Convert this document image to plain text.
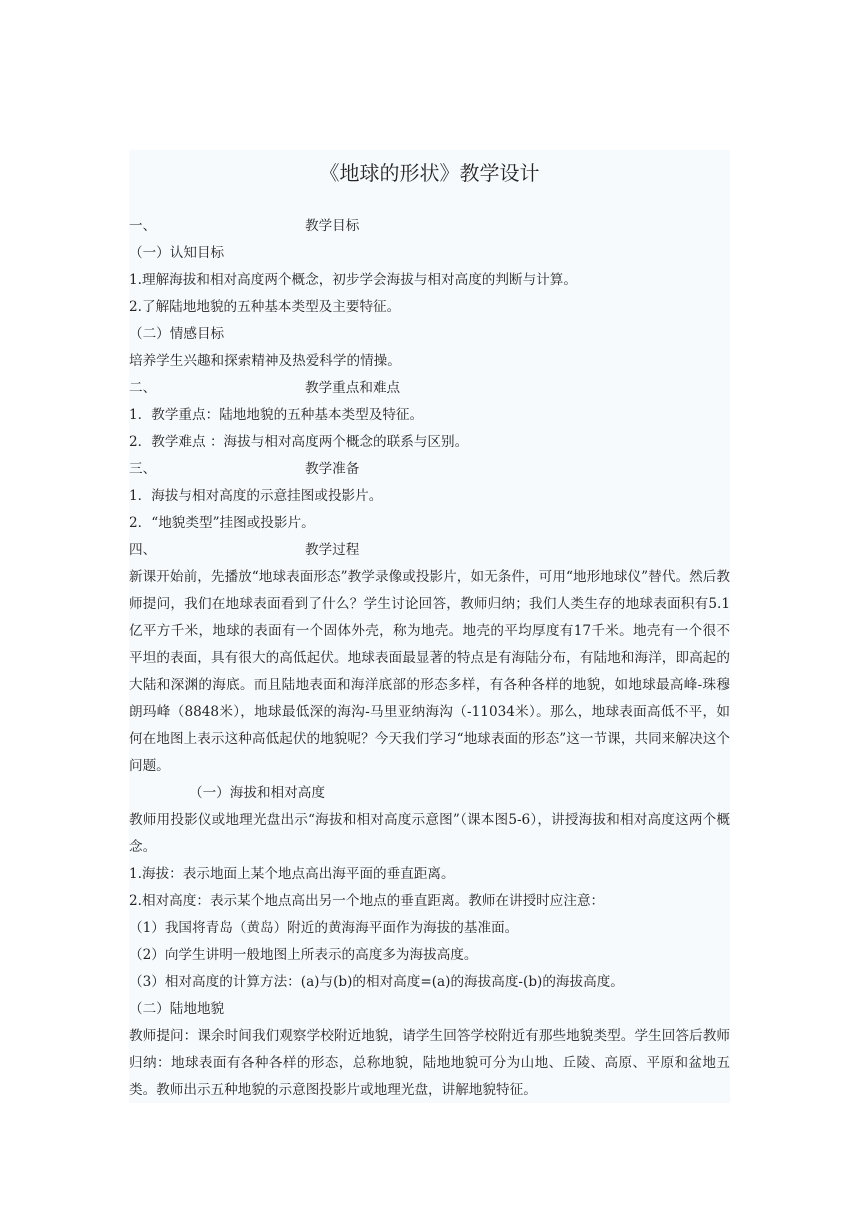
《地球的形状》教学设计
一、	教学目标
（一）认知目标
1.理解海拔和相对高度两个概念，初步学会海拔与相对高度的判断与计算。
2.了解陆地地貌的五种基本类型及主要特征。
（二）情感目标
培养学生兴趣和探索精神及热爱科学的情操。
二、	教学重点和难点
1．教学重点：陆地地貌的五种基本类型及特征。
2．教学难点 ：海拔与相对高度两个概念的联系与区别。
三、	教学准备
1．海拔与相对高度的示意挂图或投影片。
2．“地貌类型”挂图或投影片。
四、	教学过程
新课开始前，先播放“地球表面形态”教学录像或投影片，如无条件，可用“地形地球仪”替代。然后教师提问，我们在地球表面看到了什么？学生讨论回答，教师归纳；我们人类生存的地球表面积有5.1亿平方千米，地球的表面有一个固体外壳，称为地壳。地壳的平均厚度有17千米。地壳有一个很不平坦的表面，具有很大的高低起伏。地球表面最显著的特点是有海陆分布，有陆地和海洋，即高起的大陆和深渊的海底。而且陆地表面和海洋底部的形态多样，有各种各样的地貌，如地球最高峰-珠穆朗玛峰（8848米），地球最低深的海沟-马里亚纳海沟（-11034米）。那么，地球表面高低不平，如何在地图上表示这种高低起伏的地貌呢？今天我们学习“地球表面的形态”这一节课，共同来解决这个问题。
（一）海拔和相对高度
教师用投影仪或地理光盘出示“海拔和相对高度示意图”（课本图5-6），讲授海拔和相对高度这两个概念。
1.海拔：表示地面上某个地点高出海平面的垂直距离。
2.相对高度：表示某个地点高出另一个地点的垂直距离。教师在讲授时应注意：
（1）我国将青岛（黄岛）附近的黄海海平面作为海拔的基准面。
（2）向学生讲明一般地图上所表示的高度多为海拔高度。
（3）相对高度的计算方法：(a)与(b)的相对高度=(a)的海拔高度-(b)的海拔高度。
（二）陆地地貌
教师提问：课余时间我们观察学校附近地貌，请学生回答学校附近有那些地貌类型。学生回答后教师归纳：地球表面有各种各样的形态，总称地貌，陆地地貌可分为山地、丘陵、高原、平原和盆地五类。教师出示五种地貌的示意图投影片或地理光盘，讲解地貌特征。
